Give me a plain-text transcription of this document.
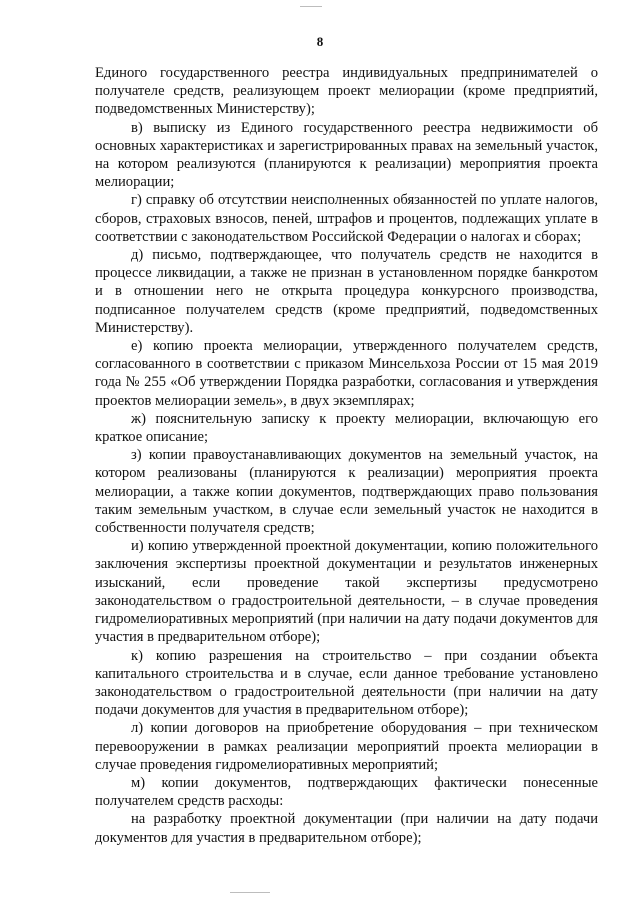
8

Единого государственного реестра индивидуальных предпринимателей о получателе средств, реализующем проект мелиорации (кроме предприятий, подведомственных Министерству);

в) выписку из Единого государственного реестра недвижимости об основных характеристиках и зарегистрированных правах на земельный участок, на котором реализуются (планируются к реализации) мероприятия проекта мелиорации;

г) справку об отсутствии неисполненных обязанностей по уплате налогов, сборов, страховых взносов, пеней, штрафов и процентов, подлежащих уплате в соответствии с законодательством Российской Федерации о налогах и сборах;

д) письмо, подтверждающее, что получатель средств не находится в процессе ликвидации, а также не признан в установленном порядке банкротом и в отношении него не открыта процедура конкурсного производства, подписанное получателем средств (кроме предприятий, подведомственных Министерству).

е) копию проекта мелиорации, утвержденного получателем средств, согласованного в соответствии с приказом Минсельхоза России от 15 мая 2019 года № 255 «Об утверждении Порядка разработки, согласования и утверждения проектов мелиорации земель», в двух экземплярах;

ж) пояснительную записку к проекту мелиорации, включающую его краткое описание;

з) копии правоустанавливающих документов на земельный участок, на котором реализованы (планируются к реализации) мероприятия проекта мелиорации, а также копии документов, подтверждающих право пользования таким земельным участком, в случае если земельный участок не находится в собственности получателя средств;

и) копию утвержденной проектной документации, копию положительного заключения экспертизы проектной документации и результатов инженерных изысканий, если проведение такой экспертизы предусмотрено законодательством о градостроительной деятельности, – в случае проведения гидромелиоративных мероприятий (при наличии на дату подачи документов для участия в предварительном отборе);

к) копию разрешения на строительство – при создании объекта капитального строительства и в случае, если данное требование установлено законодательством о градостроительной деятельности (при наличии на дату подачи документов для участия в предварительном отборе);

л) копии договоров на приобретение оборудования – при техническом перевооружении в рамках реализации мероприятий проекта мелиорации в случае проведения гидромелиоративных мероприятий;

м) копии документов, подтверждающих фактически понесенные получателем средств расходы:

на разработку проектной документации (при наличии на дату подачи документов для участия в предварительном отборе);
